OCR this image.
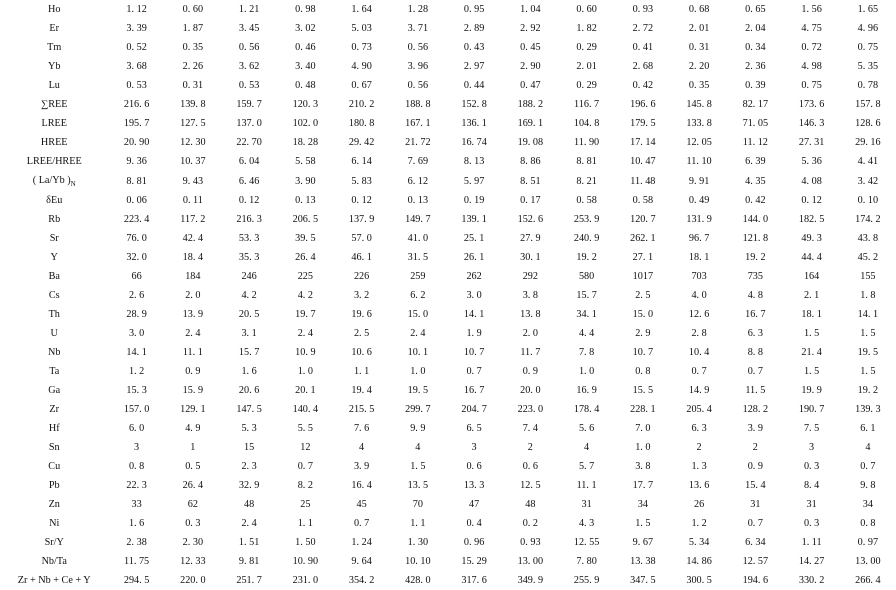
Ho	1. 12	0. 60	1. 21	0. 98	1. 64	1. 28	0. 95	1. 04	0. 60	0. 93	0. 68	0. 65	1. 56	1. 65
Er	3. 39	1. 87	3. 45	3. 02	5. 03	3. 71	2. 89	2. 92	1. 82	2. 72	2. 01	2. 04	4. 75	4. 96
Tm	0. 52	0. 35	0. 56	0. 46	0. 73	0. 56	0. 43	0. 45	0. 29	0. 41	0. 31	0. 34	0. 72	0. 75
Yb	3. 68	2. 26	3. 62	3. 40	4. 90	3. 96	2. 97	2. 90	2. 01	2. 68	2. 20	2. 36	4. 98	5. 35
Lu	0. 53	0. 31	0. 53	0. 48	0. 67	0. 56	0. 44	0. 47	0. 29	0. 42	0. 35	0. 39	0. 75	0. 78
∑REE	216. 6	139. 8	159. 7	120. 3	210. 2	188. 8	152. 8	188. 2	116. 7	196. 6	145. 8	82. 17	173. 6	157. 8
LREE	195. 7	127. 5	137. 0	102. 0	180. 8	167. 1	136. 1	169. 1	104. 8	179. 5	133. 8	71. 05	146. 3	128. 6
HREE	20. 90	12. 30	22. 70	18. 28	29. 42	21. 72	16. 74	19. 08	11. 90	17. 14	12. 05	11. 12	27. 31	29. 16
LREE/HREE	9. 36	10. 37	6. 04	5. 58	6. 14	7. 69	8. 13	8. 86	8. 81	10. 47	11. 10	6. 39	5. 36	4. 41
( La/Yb )$_N$	8. 81	9. 43	6. 46	3. 90	5. 83	6. 12	5. 97	8. 51	8. 21	11. 48	9. 91	4. 35	4. 08	3. 42
δEu	0. 06	0. 11	0. 12	0. 13	0. 12	0. 13	0. 19	0. 17	0. 58	0. 58	0. 49	0. 42	0. 12	0. 10
Rb	223. 4	117. 2	216. 3	206. 5	137. 9	149. 7	139. 1	152. 6	253. 9	120. 7	131. 9	144. 0	182. 5	174. 2
Sr	76. 0	42. 4	53. 3	39. 5	57. 0	41. 0	25. 1	27. 9	240. 9	262. 1	96. 7	121. 8	49. 3	43. 8
Y	32. 0	18. 4	35. 3	26. 4	46. 1	31. 5	26. 1	30. 1	19. 2	27. 1	18. 1	19. 2	44. 4	45. 2
Ba	66	184	246	225	226	259	262	292	580	1017	703	735	164	155
Cs	2. 6	2. 0	4. 2	4. 2	3. 2	6. 2	3. 0	3. 8	15. 7	2. 5	4. 0	4. 8	2. 1	1. 8
Th	28. 9	13. 9	20. 5	19. 7	19. 6	15. 0	14. 1	13. 8	34. 1	15. 0	12. 6	16. 7	18. 1	14. 1
U	3. 0	2. 4	3. 1	2. 4	2. 5	2. 4	1. 9	2. 0	4. 4	2. 9	2. 8	6. 3	1. 5	1. 5
Nb	14. 1	11. 1	15. 7	10. 9	10. 6	10. 1	10. 7	11. 7	7. 8	10. 7	10. 4	8. 8	21. 4	19. 5
Ta	1. 2	0. 9	1. 6	1. 0	1. 1	1. 0	0. 7	0. 9	1. 0	0. 8	0. 7	0. 7	1. 5	1. 5
Ga	15. 3	15. 9	20. 6	20. 1	19. 4	19. 5	16. 7	20. 0	16. 9	15. 5	14. 9	11. 5	19. 9	19. 2
Zr	157. 0	129. 1	147. 5	140. 4	215. 5	299. 7	204. 7	223. 0	178. 4	228. 1	205. 4	128. 2	190. 7	139. 3
Hf	6. 0	4. 9	5. 3	5. 5	7. 6	9. 9	6. 5	7. 4	5. 6	7. 0	6. 3	3. 9	7. 5	6. 1
Sn	3	1	15	12	4	4	3	2	4	1. 0	2	2	3	4
Cu	0. 8	0. 5	2. 3	0. 7	3. 9	1. 5	0. 6	0. 6	5. 7	3. 8	1. 3	0. 9	0. 3	0. 7
Pb	22. 3	26. 4	32. 9	8. 2	16. 4	13. 5	13. 3	12. 5	11. 1	17. 7	13. 6	15. 4	8. 4	9. 8
Zn	33	62	48	25	45	70	47	48	31	34	26	31	31	34
Ni	1. 6	0. 3	2. 4	1. 1	0. 7	1. 1	0. 4	0. 2	4. 3	1. 5	1. 2	0. 7	0. 3	0. 8
Sr/Y	2. 38	2. 30	1. 51	1. 50	1. 24	1. 30	0. 96	0. 93	12. 55	9. 67	5. 34	6. 34	1. 11	0. 97
Nb/Ta	11. 75	12. 33	9. 81	10. 90	9. 64	10. 10	15. 29	13. 00	7. 80	13. 38	14. 86	12. 57	14. 27	13. 00
Zr + Nb + Ce + Y	294. 5	220. 0	251. 7	231. 0	354. 2	428. 0	317. 6	349. 9	255. 9	347. 5	300. 5	194. 6	330. 2	266. 4
